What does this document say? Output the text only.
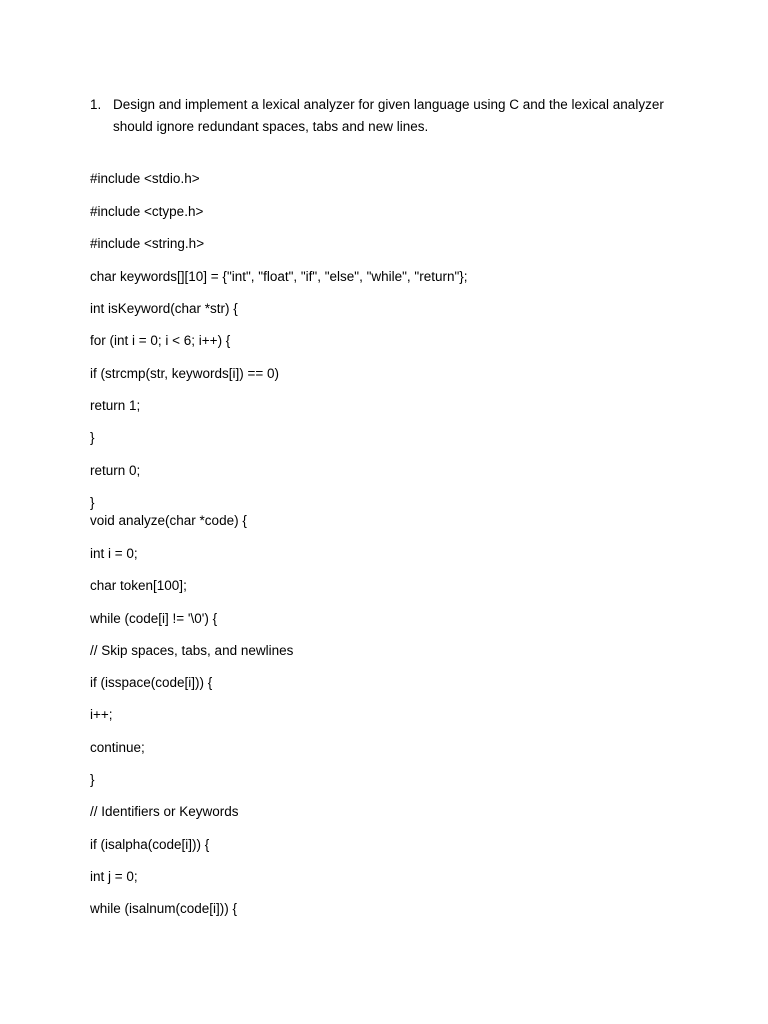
1. Design and implement a lexical analyzer for given language using C and the lexical analyzer should ignore redundant spaces, tabs and new lines.
#include <stdio.h>
#include <ctype.h>
#include <string.h>
char keywords[][10] = {"int", "float", "if", "else", "while", "return"};
int isKeyword(char *str) {
for (int i = 0; i < 6; i++) {
if (strcmp(str, keywords[i]) == 0)
return 1;
}
return 0;
}
void analyze(char *code) {
int i = 0;
char token[100];
while (code[i] != '\0') {
// Skip spaces, tabs, and newlines
if (isspace(code[i])) {
i++;
continue;
}
// Identifiers or Keywords
if (isalpha(code[i])) {
int j = 0;
while (isalnum(code[i])) {
